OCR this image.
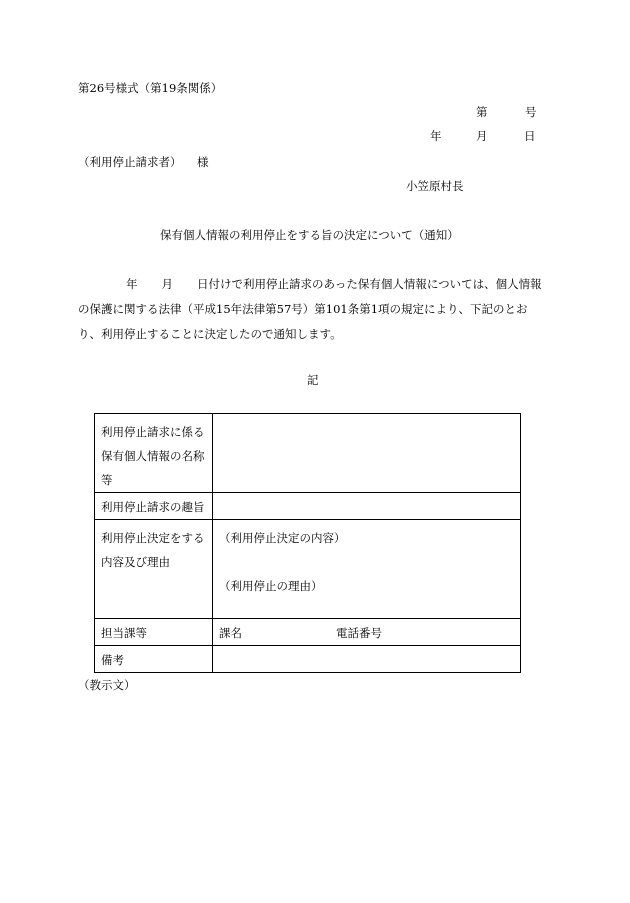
第26号様式（第19条関係）
第	号
年	月	日
（利用停止請求者） 様
小笠原村長
保有個人情報の利用停止をする旨の決定について（通知）
年 月 日付けで利用停止請求のあった保有個人情報については、個人情報の保護に関する法律（平成15年法律第57号）第101条第1項の規定により、下記のとおり、利用停止することに決定したので通知します。
記
利用停止請求に係る保有個人情報の名称等	
利用停止請求の趣旨	
利用停止決定をする内容及び理由	（利用停止決定の内容）
（利用停止の理由）

担当課等	課名 電話番号
備考	
（教示文）
